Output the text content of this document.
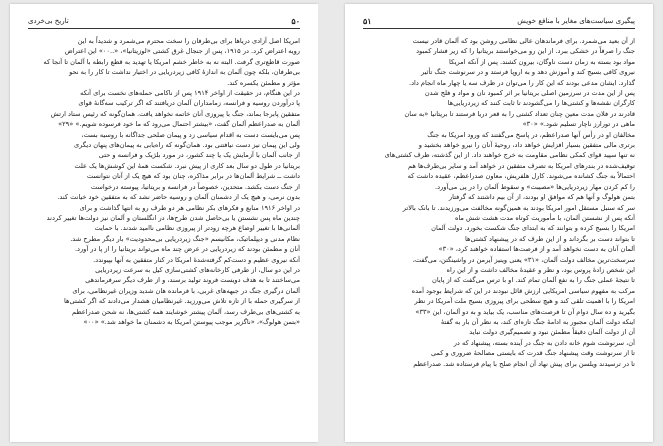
۵۰
تاریخ بی‌خردی
امریکا اصل آزادی دریاها برای بی‌طرفان را سخت محترم می‌شمرد و شدیداً به این
رویه اعتراض کرد. در ۱۹۱۵، پس از جنجال غرق کشتی «لوزیتانیا»، «..۰۰» این اعتراض
صورت قاطع‌تری گرفت. البته نه به خاطر خشم امریکا یا تهدید به قطع رابطه با آلمان تا آنجا که
بی‌طرفان، بلکه چون آلمان به اندازهٔ کافی زیردریایی در اختیار نداشت تا کار را به نحو
مؤثر و مطمئن یکسره کند.
در این هنگام، در حقیقت از اواخر ۱۹۱۴ پس از ناکامی حمله‌های نخست برای آنکه
پا درآوردن روسیه و فرانسه، زمامداران آلمان دریافتند که اگر ترکیب سه‌گانهٔ قوای
متفقین پابرجا بماند، جنگ با پیروزی آنان خاتمه نخواهد یافت. همان‌گونه که رئیس ستاد ارتش
آلمان به صدراعظم آلمان گفت، «بیشتر احتمال می‌رود که ما خود فرسوده شویم.» «۲۹»
پس می‌بایست دست به اقدام سیاسی زد و پیمان صلحی جداگانه با روسیه بست،
ولی این پیمان نیز دست نیافتنی بود. همان‌گونه که راه‌یابی به پیمان‌های پنهان دیگری
از جانب آلمان با آزمایش یک یا چند کشور، در مورد بلژیک و فرانسه و حتی
بریتانیا در طول دو سال بعد کاری از پیش نبرد. شکست همهٔ این کوشش‌ها یک علت
داشت ــ شرایط آلمان‌ها در برابر مذاکره، چنان بود که هیچ یک از آنان نتوانست
از جنگ دست بکشد. متحدین، خصوصاً در فرانسه و بریتانیا، پیوسته درخواست
بدون نرمی، و هیچ یک از دشمنان آلمان و روسیه حاضر نشد که به متفقین خود خیانت کند.
در اواخر ۱۹۱۶ منابع و فکرهای بکر نظامی هر دو طرف رو به انتها گذاشت و برای
چندین ماه پس نشستن یا بی‌حاصل شدن طرح‌ها، در انگلستان و آلمان نیز دولت‌ها تغییر کردند
آلمانی‌ها با تغییر اوضاع هرچه زودتر از پیروزی نظامی ناامید شدند. با حمایت
نظام مدنی و دیپلماتیک، مکانیسم «جنگ زیردریایی بی‌محدودیت» بار دیگر مطرح شد.
آنان و مطمئن بودند که زیردریایی در عرض چند ماه می‌تواند بریتانیا را از پا در آورد.
آنکه نیروی عظیم و دست‌کم گرفته‌شدهٔ امریکا در کنار متفقین به آنها بپیوندد.
در این دو سال، از طرفی کارخانه‌های کشتی‌سازی کیل به سرعت زیردریایی
می‌ساختند تا به هدف دویست فروند تولید برسند، و از طرف دیگر سرفرماندهی
آلمان درگیری جنگ در جبهه‌های غربی، با فرمانده هان شدید وزیران غیرنظامی، برای
از سرگیری حمله با از تازه تلاش می‌ورزید. غیرنظامیان هشدار می‌دادند که اگر کشتی‌ها
به کشتی‌های بی‌طرف رسد، آلمان پیشتر خوشایند همه کشتی‌ها، نه شحن صدراعظم
«بتمن هولوگ»، «ناگزیر موجب پیوستن امریکا به دشمنان ما خواهد شد.» «۰۰»
۵۱	پیگیری سیاست‌های مغایر با منافع خویش
از آن بعید می‌شمرد. برای فرماندهان عالی نظامی روشن بود که آلمان قادر نیست
جنگ را صرفاً در خشکی ببرد. از این رو می‌خواستند بریتانیا را که زیر فشار کمبود
مواد بود بسته به زمان دست ناوگان، بیرون کشند. پس از آنکه امریکا
نیروی کافی بسیج کند و آموزش دهد و به اروپا فرستد و در سرنوشت جنگ تأثیر
گذارد. ایشان مدعی بودند که این کار را می‌توان در ظرف سه یا چهار ماه انجام داد.
پس از این مدت در سرزمین اصلی بریتانیا بر اثر کمبود نان و مواد و فلج شدن
کارگران نقشه‌ها و کشتی‌ها را می‌گشودند تا ثابت کنند که زیردریایی‌ها
قادرند در فلان مدت معین چنان تعداد کشتی را به قعر دریا فرستند تا بریتانیا «به سان
ماهی در تورارز ناچار تسلیم شود.» «۳۰»
مخالفان او در رأس آنها صدراعظم، در پاسخ می‌گفتند که ورود امریکا به جنگ
برتری مالی متفقین بسیار افزایش خواهد داد، روحیهٔ آنان را نیرو خواهد بخشید و
نه تنها سپید قوای کمکی نظامی مقاومت به خرج خواهند داد. از این گذشته، ظرف کشتی‌های
توقیف‌شده در بندرهای امریکا به تصرف متفقین در خواهد آمد و سایر بی‌طرف‌ها هم
احتمالاً به جنگ کشانده می‌شوند. کارل هلفریش، معاون صدراعظم، عقیده داشت که
را کم کردن مهار زیردریایی‌ها «مصیبت» و سقوط آلمان را در پی می‌آورد.
بتمن هولوگ و آنها هم که موافق او بودند، از آن بیم داشتند که گرفتار
سر که سنبل مستقل امور امریکا بودند به همین‌گونه مخالفت می‌ورزیدند. تا بانک بالاتر
آنکه پس از نشستن آلمان، با مأموریت کوتاه مدت هشت شش ماه
امریکا را بسیج کرده و بتوانند که به ابتدای جنگ شکست بخورد. دولت آلمان
تا بتواند دست بر بگرداند و از این طرف که در پیشنهاد کشتی‌ها
آلمان آنان به دست نخواهد آمد و از فرصت‌ها استفاده خواهند کرد، «۳۰»
سرسخت‌ترین مخالف دولت آلمان، «۳۱» یعنی وینیز آیرمن در واشینگتن، می‌گفت،
این شخص زادهٔ پروس بود، و نظر و عقیدهٔ مخالف داشت و از این راه
تا نتیجهٔ عملی جنگ را به نفع آلمان تمام کند. او با ترس می‌گفت که از پایان
مرکب به مفهوم سیاسی امریکایی ارزش قائل نبودند در این که شرایط بوجود آمده
امریکا را با اهمیت تلقی کند و هیچ سطحی برای پیروزی بسیج ملت آمریکا در نظر
بگیرید و ده سال دوام آن تا فرصت‌های مناسب، یک بیاید و به دو آلمان، این «۳۳»
اینکه دولت آلمان مجبور به ادامهٔ جنگ تازه‌ای کند، به نظر آن بار به گفتهٔ
آن از دولت آلمان دقیقاً مطمئن نبود و تصمیم‌گیری دولت نباید
آن، سرنوشت شوم خانه دادن به جنگ در آینده بسته، پیشنهاد که در
تا از سرنوشت وقت پیشنهاد جنگ قدرت که بایستی مصالحهٔ ضروری و کمی
تا در ترسیدند ویلسن برای پیش نهاد آن انجام صلح با پیام فرستاده شد. صدراعظم
